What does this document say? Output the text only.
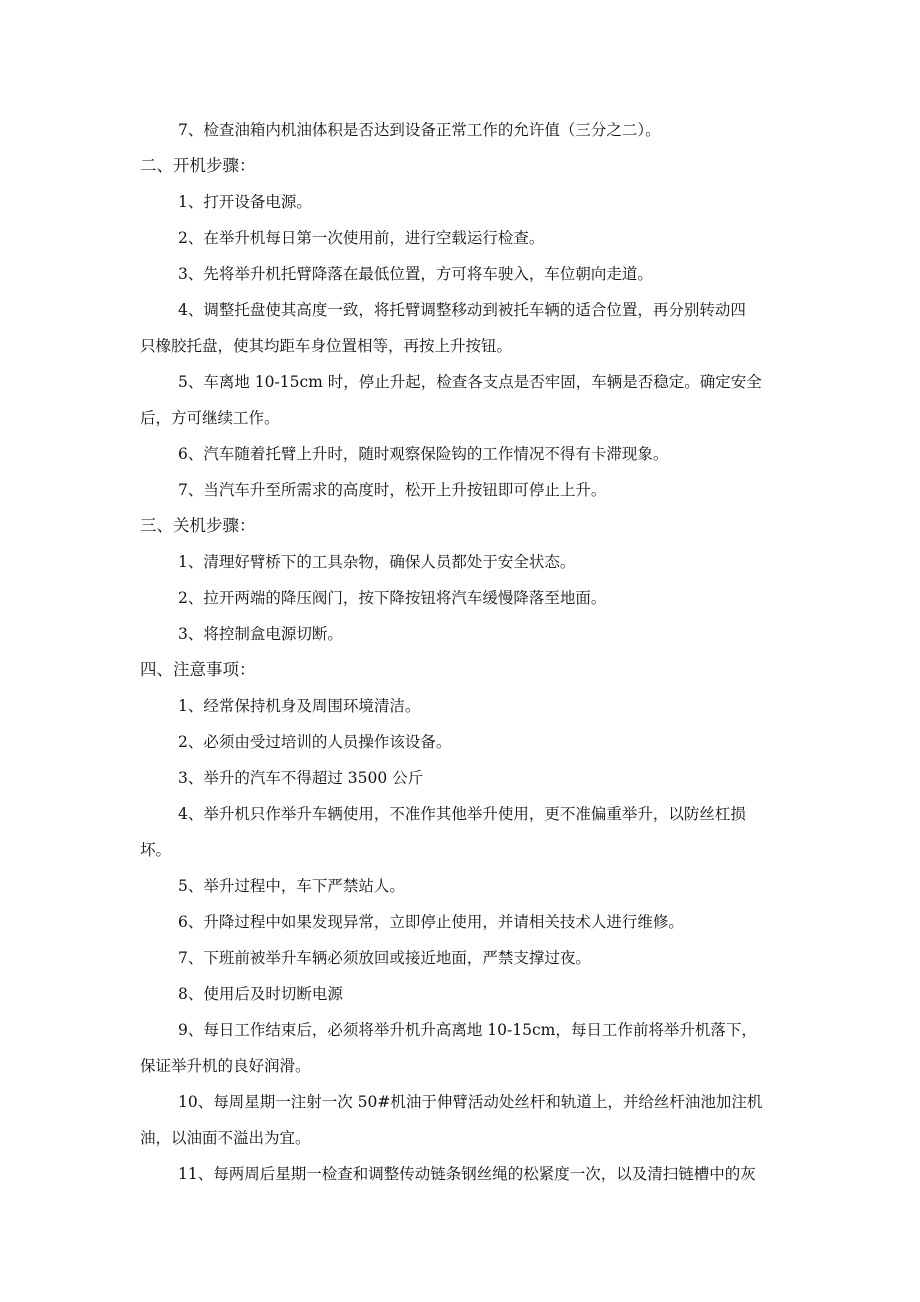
7、检查油箱内机油体积是否达到设备正常工作的允许值（三分之二）。
二、开机步骤：
1、打开设备电源。
2、在举升机每日第一次使用前，进行空载运行检查。
3、先将举升机托臂降落在最低位置，方可将车驶入，车位朝向走道。
4、调整托盘使其高度一致，将托臂调整移动到被托车辆的适合位置，再分别转动四
只橡胶托盘，使其均距车身位置相等，再按上升按钮。
5、车离地 10-15cm 时，停止升起，检查各支点是否牢固，车辆是否稳定。确定安全
后，方可继续工作。
6、汽车随着托臂上升时，随时观察保险钩的工作情况不得有卡滞现象。
7、当汽车升至所需求的高度时，松开上升按钮即可停止上升。
三、关机步骤：
1、清理好臂桥下的工具杂物，确保人员都处于安全状态。
2、拉开两端的降压阀门，按下降按钮将汽车缓慢降落至地面。
3、将控制盒电源切断。
四、注意事项：
1、经常保持机身及周围环境清洁。
2、必须由受过培训的人员操作该设备。
3、举升的汽车不得超过 3500 公斤
4、举升机只作举升车辆使用，不准作其他举升使用，更不准偏重举升，以防丝杠损
坏。
5、举升过程中，车下严禁站人。
6、升降过程中如果发现异常，立即停止使用，并请相关技术人进行维修。
7、下班前被举升车辆必须放回或接近地面，严禁支撑过夜。
8、使用后及时切断电源
9、每日工作结束后，必须将举升机升高离地 10-15cm，每日工作前将举升机落下，
保证举升机的良好润滑。
10、每周星期一注射一次 50#机油于伸臂活动处丝杆和轨道上，并给丝杆油池加注机
油，以油面不溢出为宜。
11、每两周后星期一检查和调整传动链条钢丝绳的松紧度一次，以及清扫链槽中的灰
